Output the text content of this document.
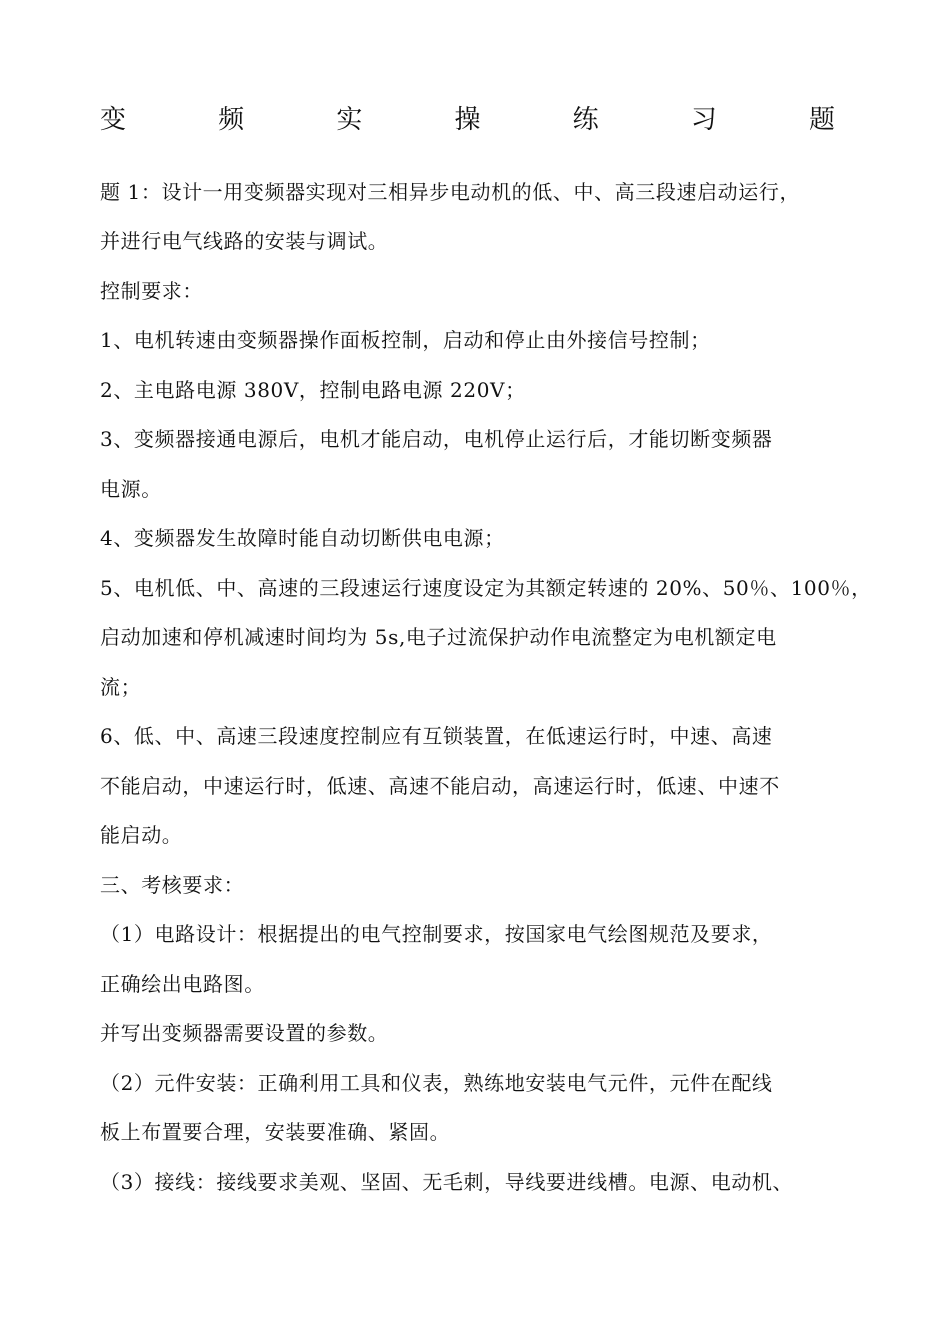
变	频	实	操	练	习	题
题 1：设计一用变频器实现对三相异步电动机的低、中、高三段速启动运行，
并进行电气线路的安装与调试。
控制要求：
1、电机转速由变频器操作面板控制，启动和停止由外接信号控制；
2、主电路电源 380V，控制电路电源 220V；
3、变频器接通电源后，电机才能启动，电机停止运行后，才能切断变频器
电源。
4、变频器发生故障时能自动切断供电电源；
5、电机低、中、高速的三段速运行速度设定为其额定转速的 20%、50％、100％，
启动加速和停机减速时间均为 5s,电子过流保护动作电流整定为电机额定电
流；
6、低、中、高速三段速度控制应有互锁装置，在低速运行时，中速、高速
不能启动，中速运行时，低速、高速不能启动，高速运行时，低速、中速不
能启动。
三、考核要求：
（1）电路设计：根据提出的电气控制要求，按国家电气绘图规范及要求，
正确绘出电路图。
并写出变频器需要设置的参数。
（2）元件安装：正确利用工具和仪表，熟练地安装电气元件，元件在配线
板上布置要合理，安装要准确、紧固。
（3）接线：接线要求美观、坚固、无毛刺，导线要进线槽。电源、电动机、
